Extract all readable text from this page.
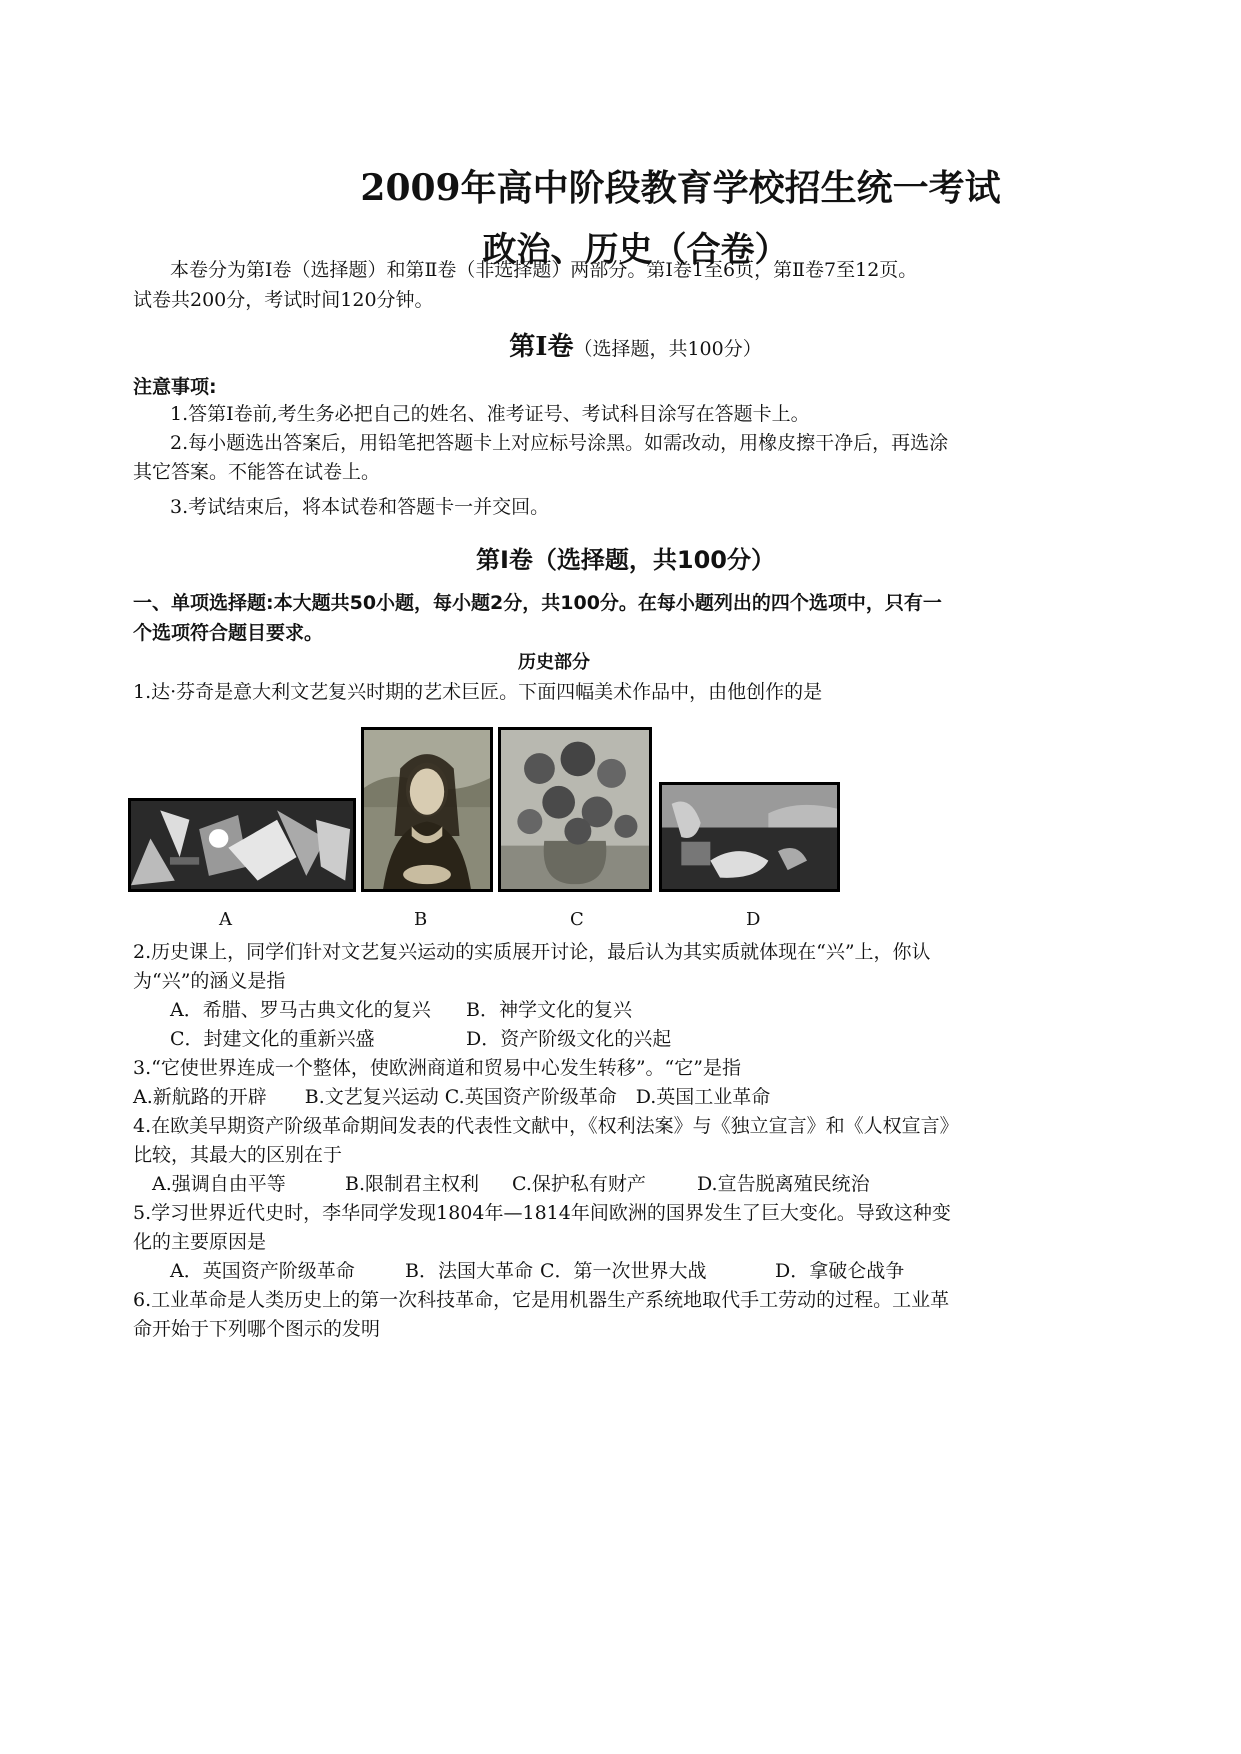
2009年高中阶段教育学校招生统一考试
政治、历史（合卷）
本卷分为第Ⅰ卷（选择题）和第Ⅱ卷（非选择题）两部分。第Ⅰ卷1至6页，第Ⅱ卷7至12页。
试卷共200分，考试时间120分钟。
第Ⅰ卷（选择题，共100分）
注意事项:
1.答第Ⅰ卷前,考生务必把自己的姓名、准考证号、考试科目涂写在答题卡上。
2.每小题选出答案后，用铅笔把答题卡上对应标号涂黑。如需改动，用橡皮擦干净后，再选涂
其它答案。不能答在试卷上。
3.考试结束后，将本试卷和答题卡一并交回。
第Ⅰ卷（选择题，共100分）
一、单项选择题:本大题共50小题，每小题2分，共100分。在每小题列出的四个选项中，只有一
个选项符合题目要求。
历史部分
1.达·芬奇是意大利文艺复兴时期的艺术巨匠。下面四幅美术作品中，由他创作的是
A	B	C	D
2.历史课上，同学们针对文艺复兴运动的实质展开讨论，最后认为其实质就体现在“兴”上，你认
为“兴”的涵义是指
A．希腊、罗马古典文化的复兴 B．神学文化的复兴
C．封建文化的重新兴盛	D．资产阶级文化的兴起
3.“它使世界连成一个整体，使欧洲商道和贸易中心发生转移”。“它”是指
A.新航路的开辟　　B.文艺复兴运动 C.英国资产阶级革命　D.英国工业革命
4.在欧美早期资产阶级革命期间发表的代表性文献中，《权利法案》与《独立宣言》和《人权宣言》
比较，其最大的区别在于
A.强调自由平等	B.限制君主权利 C.保护私有财产	D.宣告脱离殖民统治
5.学习世界近代史时，李华同学发现1804年—1814年间欧洲的国界发生了巨大变化。导致这种变
化的主要原因是
A．英国资产阶级革命	B．法国大革命 C．第一次世界大战	D．拿破仑战争
6.工业革命是人类历史上的第一次科技革命，它是用机器生产系统地取代手工劳动的过程。工业革
命开始于下列哪个图示的发明
